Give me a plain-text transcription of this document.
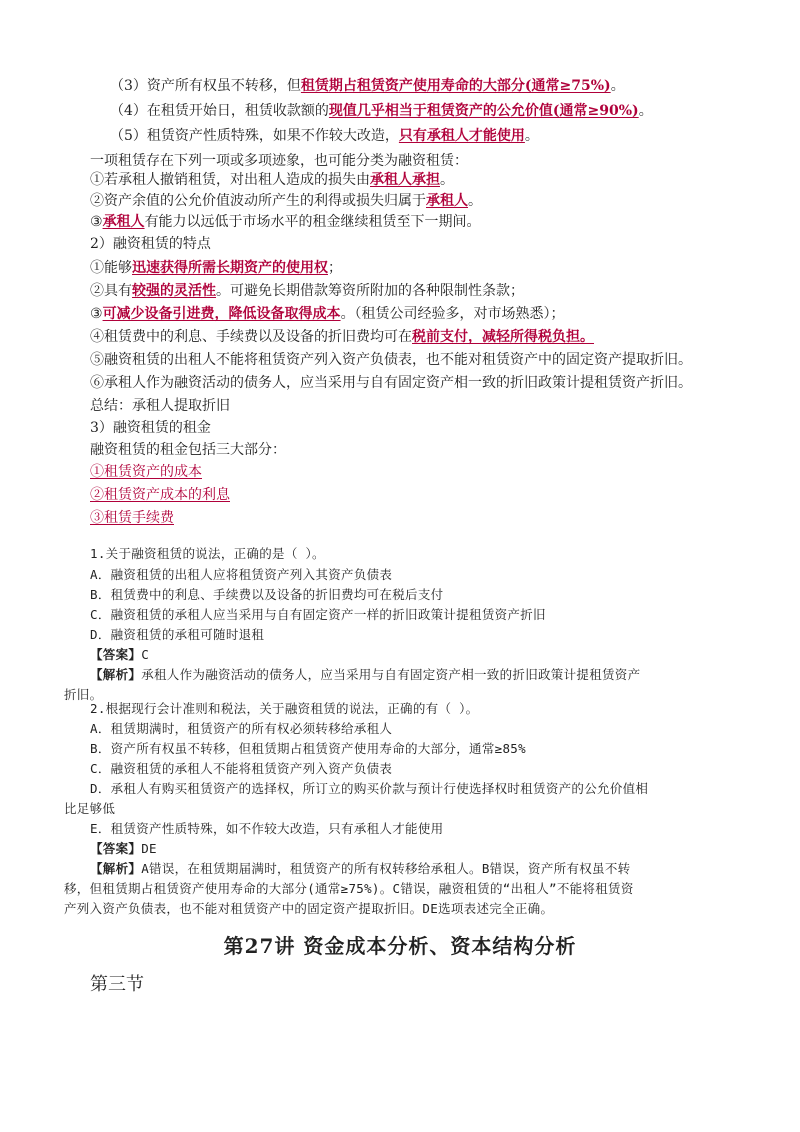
（3）资产所有权虽不转移，但租赁期占租赁资产使用寿命的大部分(通常≥75%)。
（4）在租赁开始日，租赁收款额的现值几乎相当于租赁资产的公允价值(通常≥90%)。
（5）租赁资产性质特殊，如果不作较大改造，只有承租人才能使用。
一项租赁存在下列一项或多项迹象，也可能分类为融资租赁：
①若承租人撤销租赁，对出租人造成的损失由承租人承担。
②资产余值的公允价值波动所产生的利得或损失归属于承租人。
③承租人有能力以远低于市场水平的租金继续租赁至下一期间。
2）融资租赁的特点
①能够迅速获得所需长期资产的使用权；
②具有较强的灵活性。可避免长期借款筹资所附加的各种限制性条款；
③可减少设备引进费，降低设备取得成本。（租赁公司经验多，对市场熟悉）；
④租赁费中的利息、手续费以及设备的折旧费均可在税前支付，减轻所得税负担。
⑤融资租赁的出租人不能将租赁资产列入资产负债表，也不能对租赁资产中的固定资产提取折旧。
⑥承租人作为融资活动的债务人，应当采用与自有固定资产相一致的折旧政策计提租赁资产折旧。
总结：承租人提取折旧
3）融资租赁的租金
融资租赁的租金包括三大部分：
①租赁资产的成本
②租赁资产成本的利息
③租赁手续费
1.关于融资租赁的说法，正确的是（ ）。
A．融资租赁的出租人应将租赁资产列入其资产负债表
B．租赁费中的利息、手续费以及设备的折旧费均可在税后支付
C．融资租赁的承租人应当采用与自有固定资产一样的折旧政策计提租赁资产折旧
D．融资租赁的承租可随时退租
【答案】C
【解析】承租人作为融资活动的债务人，应当采用与自有固定资产相一致的折旧政策计提租赁资产
折旧。
2.根据现行会计准则和税法，关于融资租赁的说法，正确的有（ ）。
A．租赁期满时，租赁资产的所有权必须转移给承租人
B．资产所有权虽不转移，但租赁期占租赁资产使用寿命的大部分，通常≥85%
C．融资租赁的承租人不能将租赁资产列入资产负债表
D．承租人有购买租赁资产的选择权，所订立的购买价款与预计行使选择权时租赁资产的公允价值相
比足够低
E．租赁资产性质特殊，如不作较大改造，只有承租人才能使用
【答案】DE
【解析】A错误，在租赁期届满时，租赁资产的所有权转移给承租人。B错误，资产所有权虽不转
移，但租赁期占租赁资产使用寿命的大部分(通常≥75%)。C错误，融资租赁的“出租人”不能将租赁资
产列入资产负债表，也不能对租赁资产中的固定资产提取折旧。DE选项表述完全正确。
第27讲 资金成本分析、资本结构分析
第三节
